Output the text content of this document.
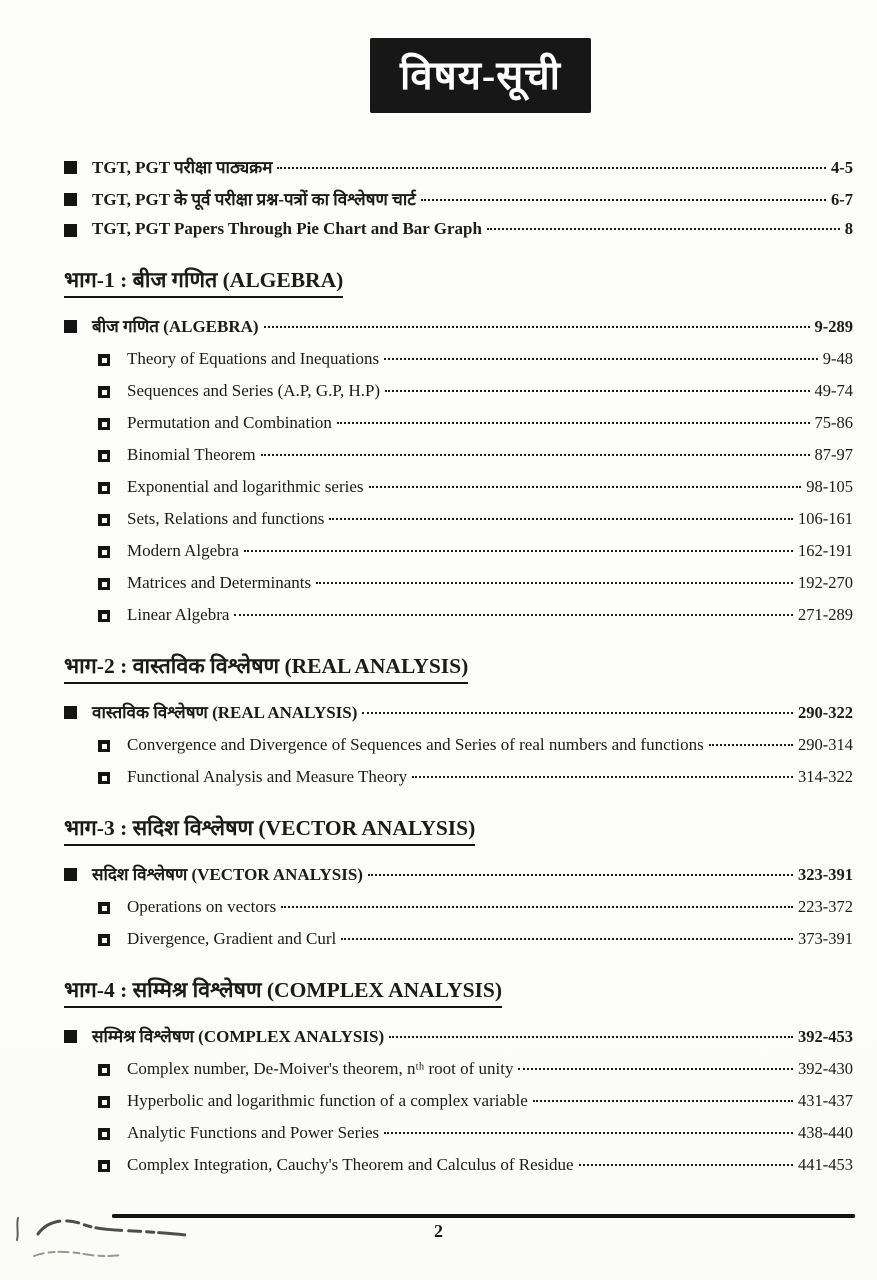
विषय-सूची
TGT, PGT परीक्षा पाठ्यक्रम	4-5
TGT, PGT के पूर्व परीक्षा प्रश्न-पत्रों का विश्लेषण चार्ट	6-7
TGT, PGT Papers Through Pie Chart and Bar Graph	8
भाग-1 : बीज गणित (ALGEBRA)
बीज गणित (ALGEBRA)	9-289
Theory of Equations and Inequations	9-48
Sequences and Series (A.P, G.P, H.P)	49-74
Permutation and Combination	75-86
Binomial Theorem	87-97
Exponential and logarithmic series	98-105
Sets, Relations and functions	106-161
Modern Algebra	162-191
Matrices and Determinants	192-270
Linear Algebra	271-289
भाग-2 : वास्तविक विश्लेषण (REAL ANALYSIS)
वास्तविक विश्लेषण (REAL ANALYSIS)	290-322
Convergence and Divergence of Sequences and Series of real numbers and functions	290-314
Functional Analysis and Measure Theory	314-322
भाग-3 : सदिश विश्लेषण (VECTOR ANALYSIS)
सदिश विश्लेषण (VECTOR ANALYSIS)	323-391
Operations on vectors	223-372
Divergence, Gradient and Curl	373-391
भाग-4 : सम्मिश्र विश्लेषण (COMPLEX ANALYSIS)
सम्मिश्र विश्लेषण (COMPLEX ANALYSIS)	392-453
Complex number, De-Moiver's theorem, nᵗʰ root of unity	392-430
Hyperbolic and logarithmic function of a complex variable	431-437
Analytic Functions and Power Series	438-440
Complex Integration, Cauchy's Theorem and Calculus of Residue	441-453
2
